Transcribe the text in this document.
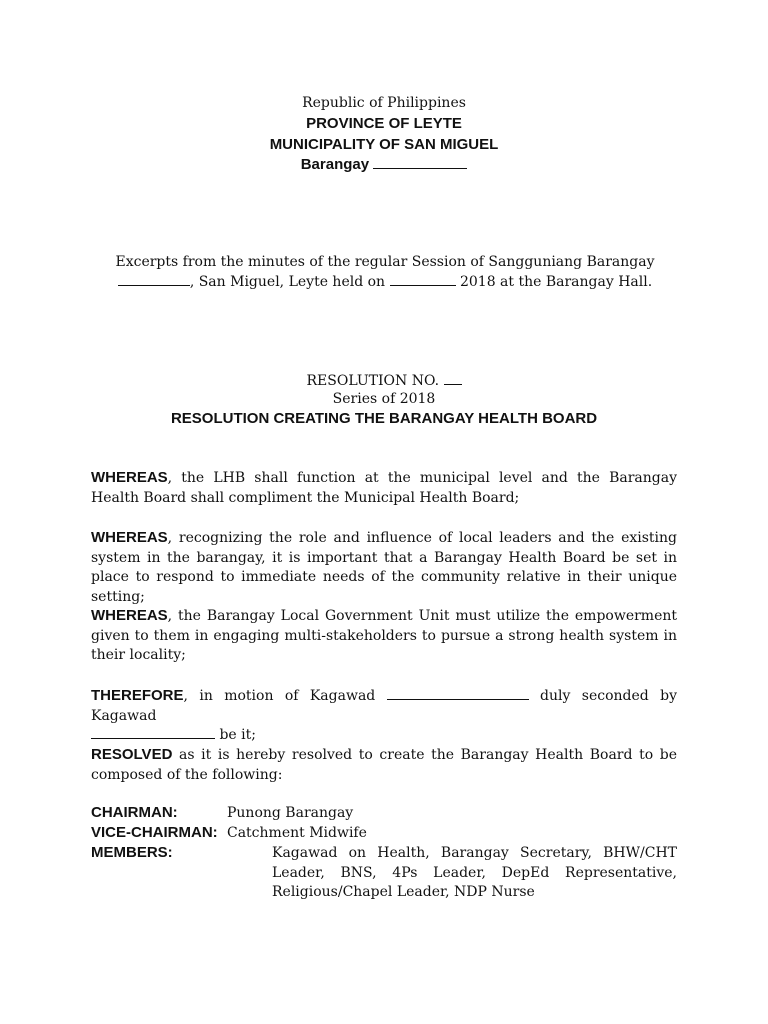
Republic of Philippines
PROVINCE OF LEYTE
MUNICIPALITY OF SAN MIGUEL
Barangay
Excerpts from the minutes of the regular Session of Sangguniang Barangay
, San Miguel, Leyte held on	2018 at the Barangay Hall.
RESOLUTION NO.
Series of 2018
RESOLUTION CREATING THE BARANGAY HEALTH BOARD
WHEREAS, the LHB shall function at the municipal level and the Barangay Health Board shall compliment the Municipal Health Board;
WHEREAS, recognizing the role and influence of local leaders and the existing system in the barangay, it is important that a Barangay Health Board be set in place to respond to immediate needs of the community relative in their unique setting;
WHEREAS, the Barangay Local Government Unit must utilize the empowerment given to them in engaging multi-stakeholders to pursue a strong health system in their locality;
THEREFORE, in motion of Kagawad	duly seconded by Kagawad
be it;
RESOLVED as it is hereby resolved to create the Barangay Health Board to be composed of the following:
CHAIRMAN:	Punong Barangay
VICE-CHAIRMAN: Catchment Midwife
MEMBERS:	Kagawad on Health, Barangay Secretary, BHW/CHT Leader, BNS, 4Ps Leader, DepEd Representative, Religious/Chapel Leader, NDP Nurse
